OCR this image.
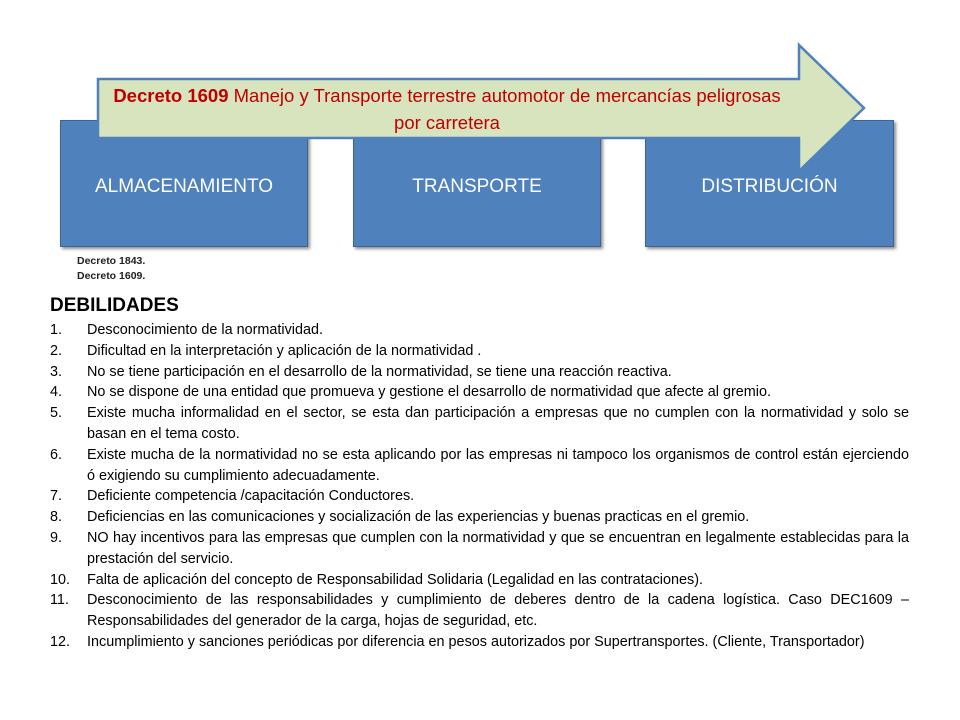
ALMACENAMIENTO	TRANSPORTE	DISTRIBUCIÓN
Decreto 1609 Manejo y Transporte terrestre automotor de mercancías peligrosas por carretera
Decreto 1843.
Decreto 1609.
DEBILIDADES
1. Desconocimiento de la normatividad.
2. Dificultad en la interpretación y aplicación de la normatividad .
3. No se tiene participación en el desarrollo de la normatividad, se tiene una reacción reactiva.
4. No se dispone de una entidad que promueva y gestione el desarrollo de normatividad que afecte al gremio.
5. Existe mucha informalidad en el sector, se esta dan participación a empresas que no cumplen con la normatividad y solo se basan en el tema costo.
6. Existe mucha de la normatividad no se esta aplicando por las empresas ni tampoco los organismos de control están ejerciendo ó exigiendo su cumplimiento adecuadamente.
7. Deficiente competencia /capacitación Conductores.
8. Deficiencias en las comunicaciones y socialización de las experiencias y buenas practicas en el gremio.
9. NO hay incentivos para las empresas que cumplen con la normatividad y que se encuentran en legalmente establecidas para la prestación del servicio.
10. Falta de aplicación del concepto de Responsabilidad Solidaria (Legalidad en las contrataciones).
11. Desconocimiento de las responsabilidades y cumplimiento de deberes dentro de la cadena logística. Caso DEC1609 – Responsabilidades del generador de la carga, hojas de seguridad, etc.
12. Incumplimiento y sanciones periódicas por diferencia en pesos autorizados por Supertransportes. (Cliente, Transportador)
